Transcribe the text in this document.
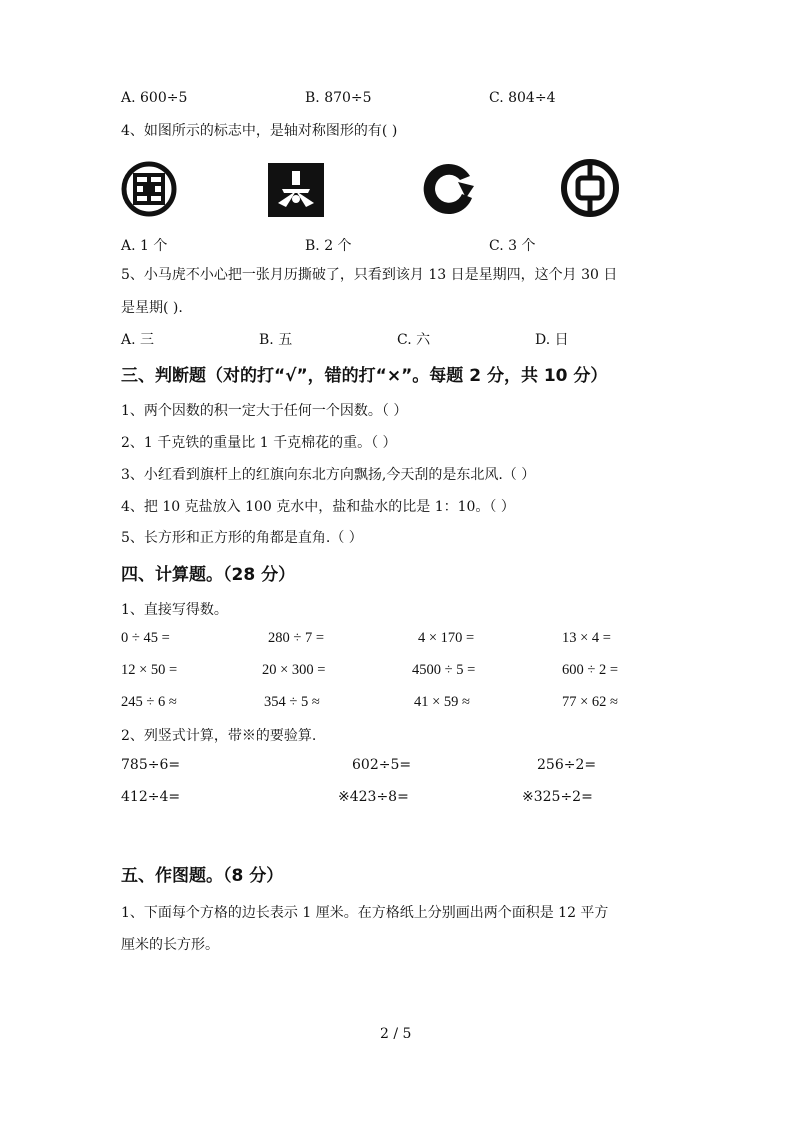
A. 600÷5	B. 870÷5	C. 804÷4
4、如图所示的标志中，是轴对称图形的有( )
A. 1 个	B. 2 个	C. 3 个
5、小马虎不小心把一张月历撕破了，只看到该月 13 日是星期四，这个月 30 日
是星期( ).
A. 三	B. 五	C. 六	D. 日
三、判断题（对的打“√”，错的打“×”。每题 2 分，共 10 分）
1、两个因数的积一定大于任何一个因数。（ ）
2、1 千克铁的重量比 1 千克棉花的重。（ ）
3、小红看到旗杆上的红旗向东北方向飘扬,今天刮的是东北风.（ ）
4、把 10 克盐放入 100 克水中，盐和盐水的比是 1：10。（ ）
5、长方形和正方形的角都是直角.（ ）
四、计算题。（28 分）
1、直接写得数。
0 ÷ 45 =	280 ÷ 7 =	4 × 170 =	13 × 4 =
12 × 50 =	20 × 300 =	4500 ÷ 5 =	600 ÷ 2 =
245 ÷ 6 ≈	354 ÷ 5 ≈	41 × 59 ≈	77 × 62 ≈
2、列竖式计算，带※的要验算.
785÷6=	602÷5=	256÷2=
412÷4=	※423÷8=	※325÷2=
五、作图题。（8 分）
1、下面每个方格的边长表示 1 厘米。在方格纸上分别画出两个面积是 12 平方
厘米的长方形。
2 / 5
